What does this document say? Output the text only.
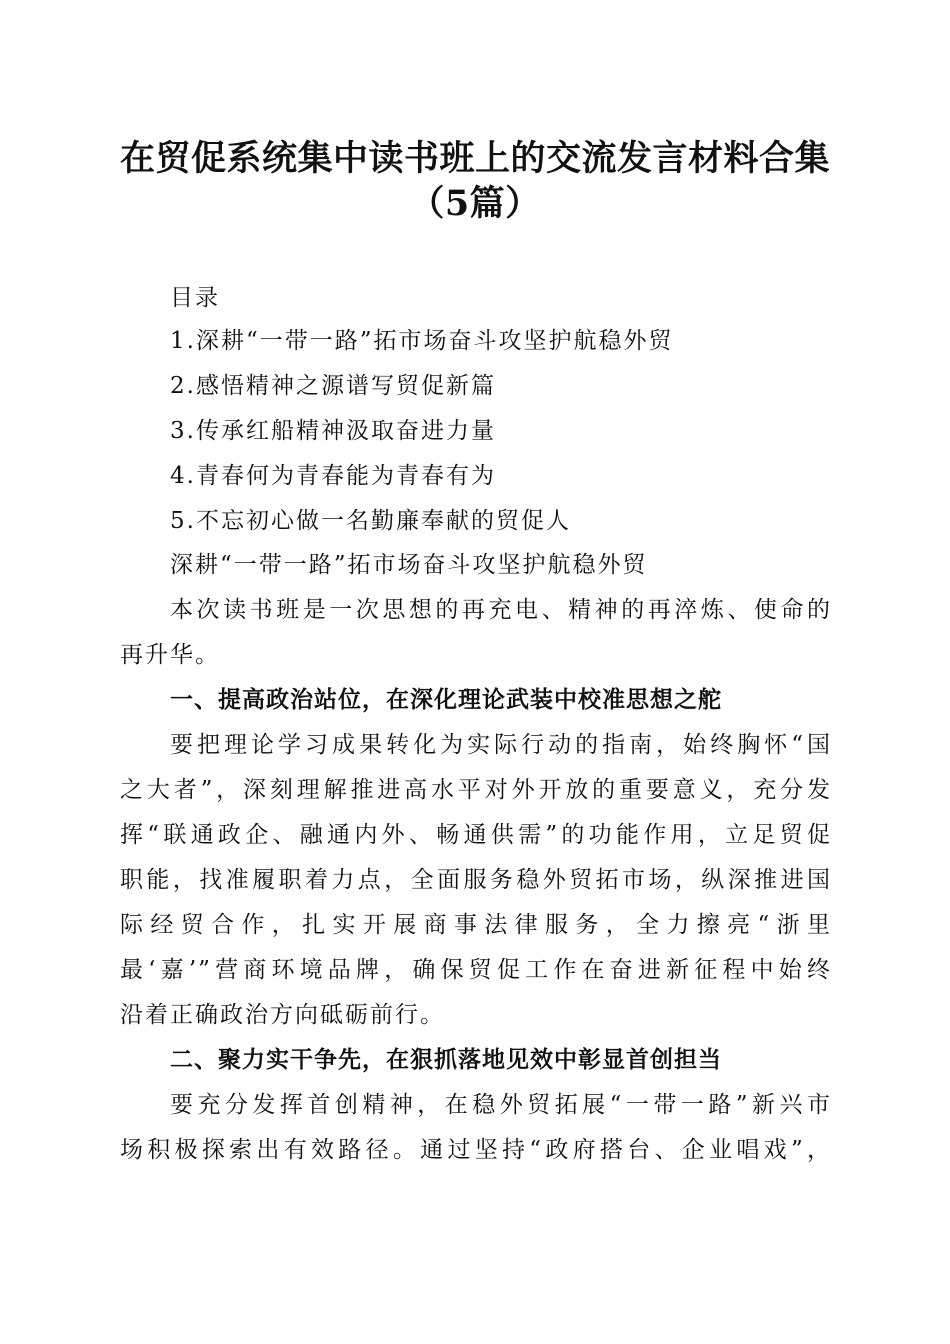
在贸促系统集中读书班上的交流发言材料合集
（5篇）
目录
1.深耕“一带一路”拓市场奋斗攻坚护航稳外贸
2.感悟精神之源谱写贸促新篇
3.传承红船精神汲取奋进力量
4.青春何为青春能为青春有为
5.不忘初心做一名勤廉奉献的贸促人
深耕“一带一路”拓市场奋斗攻坚护航稳外贸
本次读书班是一次思想的再充电、精神的再淬炼、使命的
再升华。
一、提高政治站位，在深化理论武装中校准思想之舵
要把理论学习成果转化为实际行动的指南，始终胸怀“国
之大者”，深刻理解推进高水平对外开放的重要意义，充分发
挥“联通政企、融通内外、畅通供需”的功能作用，立足贸促
职能，找准履职着力点，全面服务稳外贸拓市场，纵深推进国
际经贸合作，扎实开展商事法律服务，全力擦亮“浙里
最‘嘉’”营商环境品牌，确保贸促工作在奋进新征程中始终
沿着正确政治方向砥砺前行。
二、聚力实干争先，在狠抓落地见效中彰显首创担当
要充分发挥首创精神，在稳外贸拓展“一带一路”新兴市
场积极探索出有效路径。通过坚持“政府搭台、企业唱戏”，
